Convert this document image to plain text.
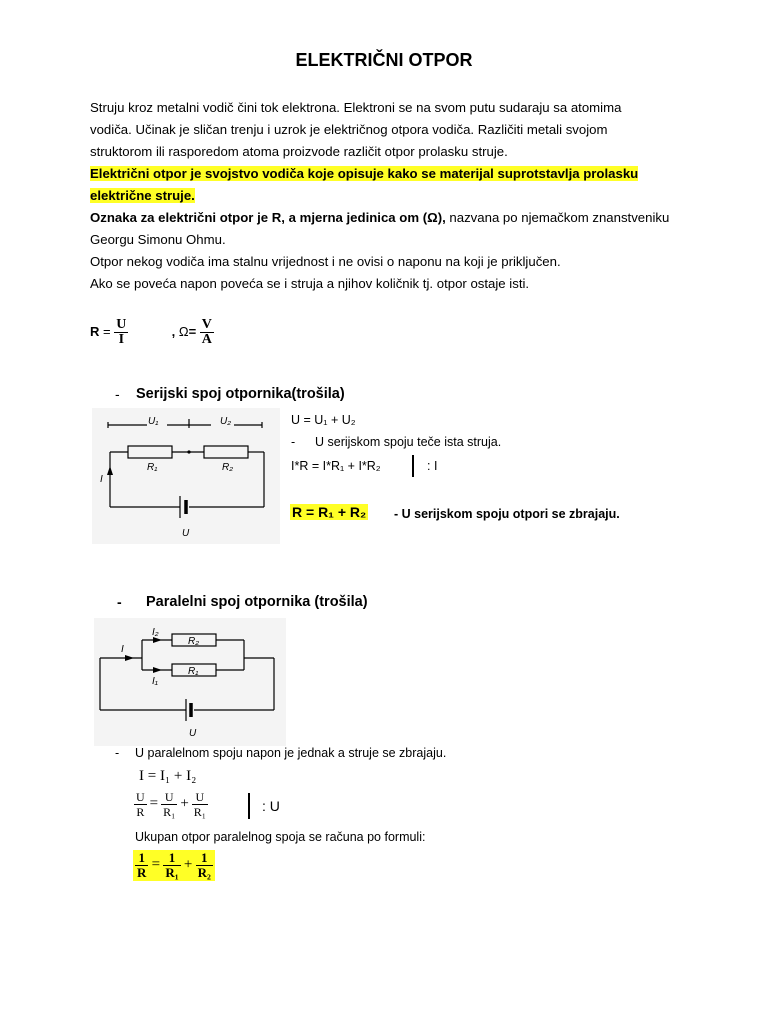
ELEKTRIČNI OTPOR
Struju kroz metalni vodič čini tok elektrona. Elektroni se na svom putu sudaraju sa atomima
vodiča. Učinak je sličan trenju i uzrok je električnog otpora vodiča. Različiti metali svojom
struktorom ili rasporedom atoma proizvode različit otpor prolasku struje.
Električni otpor je svojstvo vodiča koje opisuje kako se materijal suprotstavlja prolasku
električne struje.
Oznaka za električni otpor je R, a mjerna jedinica om (Ω), nazvana po njemačkom znanstveniku
Georgu Simonu Ohmu.
Otpor nekog vodiča ima stalnu vrijednost i ne ovisi o naponu na koji je priključen.
Ako se poveća napon poveća se i struja a njihov količnik tj. otpor ostaje isti.
$R = \frac{U}{I}$	, $\Omega= \frac{V}{A}$
- Serijski spoj otpornika(trošila)
U₁	U₂
R₁	R₂
I
U
U = U₁ + U₂
- U serijskom spoju teče ista struja.
I*R = I*R₁ + I*R₂	: I
R = R₁ + R₂ - U serijskom spoju otpori se zbrajaju.
- Paralelni spoj otpornika (trošila)
I₂
R₂
I
R₁
I₁
U
- U paralelnom spoju napon je jednak a struje se zbrajaju.
I = I₁ + I₂
$\frac{U}{R} = \frac{U}{\text{R₁}} + \frac{U}{\text{R₁}}$	: U
Ukupan otpor paralelnog spoja se računa po formuli:
$\frac{1}{R} = \frac{1}{\text{R₁}} + \frac{1}{\text{R₂}}$
